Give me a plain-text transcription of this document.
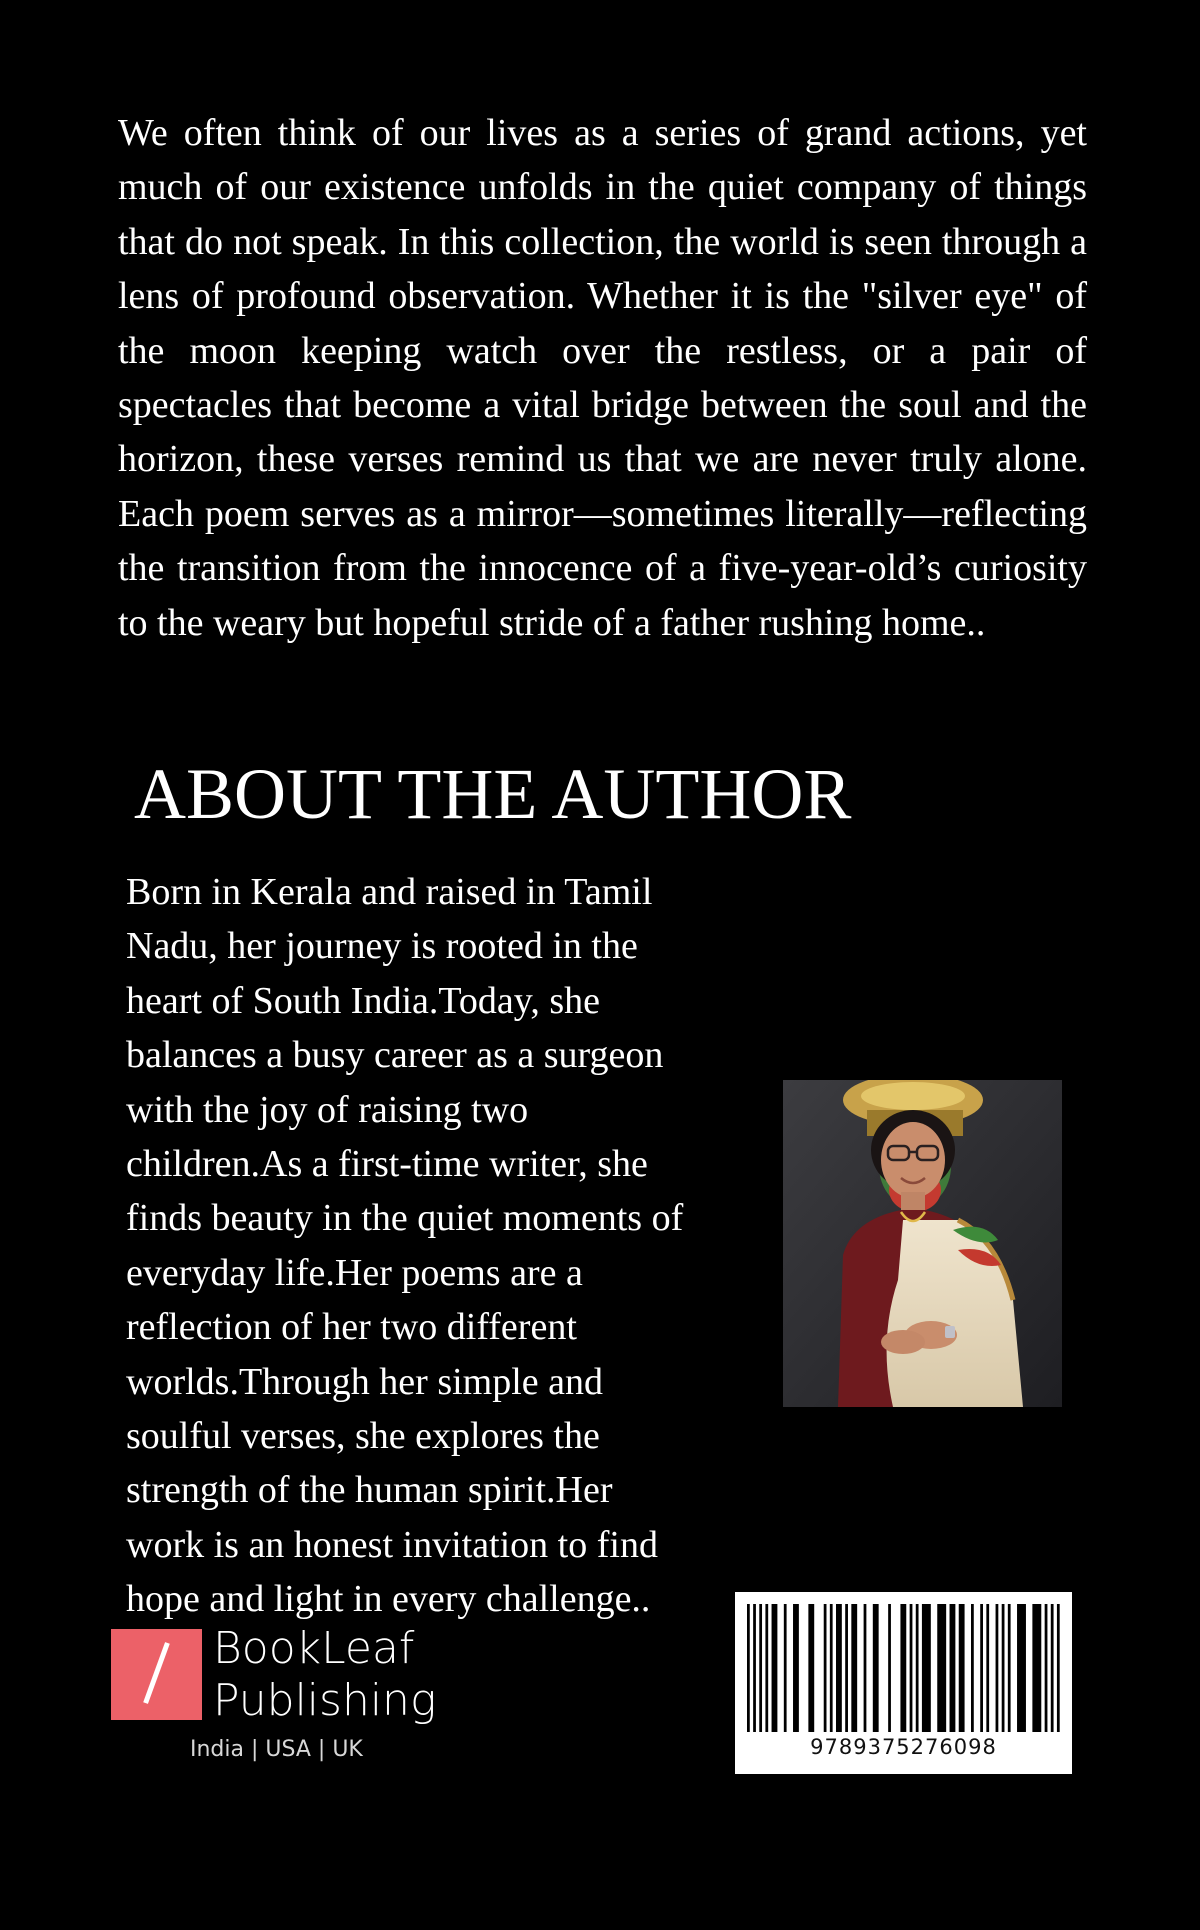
We often think of our lives as a series of grand actions, yet much of our existence unfolds in the quiet company of things that do not speak. In this collection, the world is seen through a lens of profound observation. Whether it is the "silver eye" of the moon keeping watch over the restless, or a pair of spectacles that become a vital bridge between the soul and the horizon, these verses remind us that we are never truly alone. Each poem serves as a mirror—sometimes literally—reflecting the transition from the innocence of a five-year-old’s curiosity to the weary but hopeful stride of a father rushing home..

ABOUT THE AUTHOR
Born in Kerala and raised in Tamil
Nadu, her journey is rooted in the
heart of South India.Today, she
balances a busy career as a surgeon
with the joy of raising two
children.As a first-time writer, she
finds beauty in the quiet moments of
everyday life.Her poems are a
reflection of her two different
worlds.Through her simple and
soulful verses, she explores the
strength of the human spirit.Her
work is an honest invitation to find
hope and light in every challenge..
BookLeaf
Publishing
India | USA | UK	9789375276098
